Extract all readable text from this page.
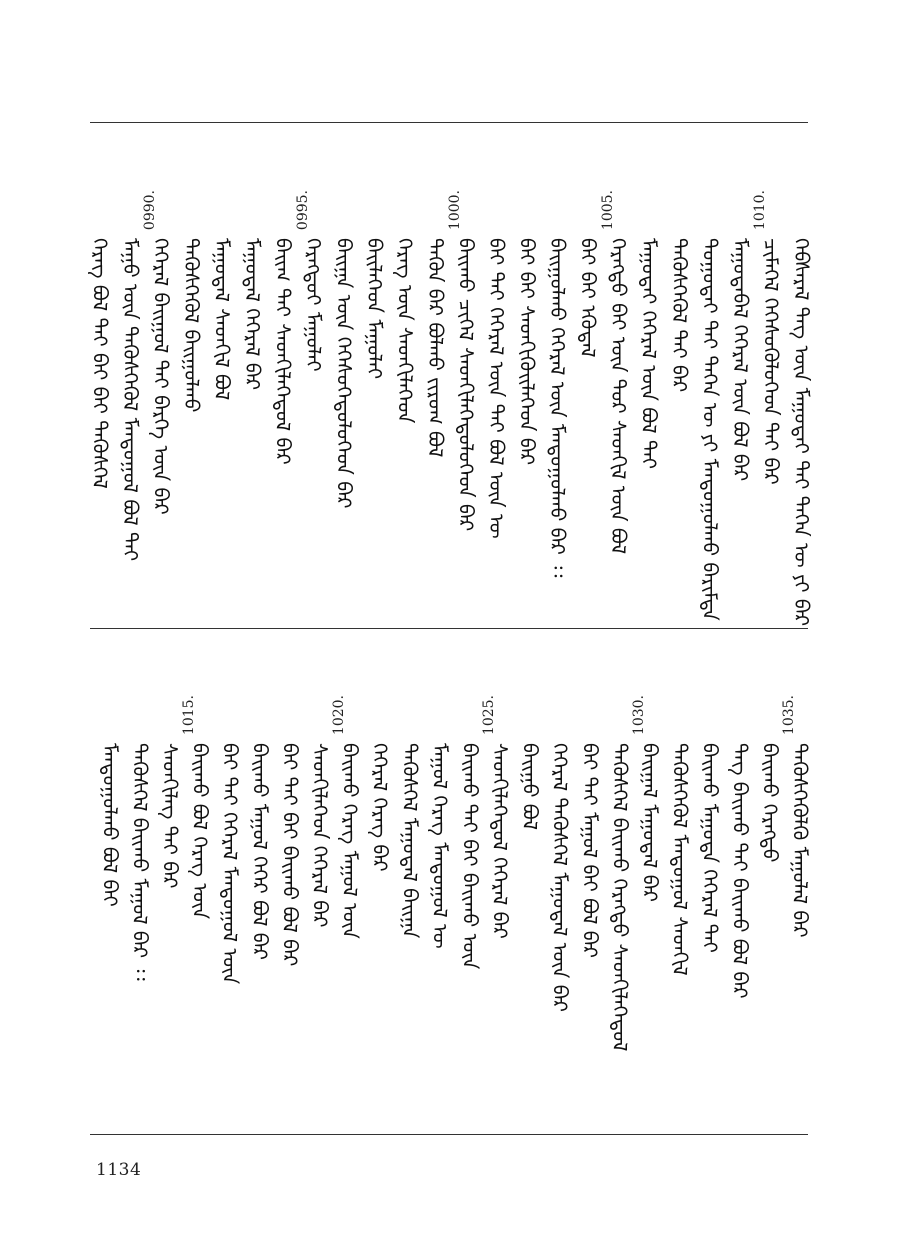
ᠬᠡᠪᠰᠡᠷᠡᠯ ᠲᠡᠭ ᠦᠨ ᠮᠠᠭᠤᠲᠠᠢ ᠲᠠᠢ ᠲᠡᠭᠡᠨ ᠦ ᠶᠢ ᠪᠡᠷ
1010.
ᠴᠢᠮᠡᠭᠡᠯ ᠬᠡᠭᠡᠰᠦᠭᠦᠯᠦᠭᠡᠳ ᠲᠠᠢ ᠪᠡᠷ
ᠮᠠᠭᠤᠳᠠᠪᠠᠯ ᠬᠡᠭᠡᠷᠡᠯ ᠦᠨ ᠪᠣᠯ ᠪᠡᠷ
ᠳᠣᠭᠤᠳᠠᠢ ᠲᠠᠢ ᠲᠡᠭᠡᠨ ᠦ ᠶᠢ ᠮᠠᠨᠳᠤᠭᠤᠯᠬᠤ ᠪᠠᠷᠢᠮᠲᠠ
ᠲᠡᠭᠦᠰᠬᠡᠭᠦᠯ ᠲᠠᠢ ᠪᠡᠷ
ᠮᠠᠭᠤᠲᠠᠢ ᠬᠡᠭᠡᠷᠡᠯ ᠦᠨ ᠪᠣᠯ ᠲᠠᠢ
1005.
ᠬᠡᠷᠡᠭᠲᠦ ᠪᠠᠢ ᠦᠨ ᠳᠤᠷ ᠰᠡᠳᠬᠢᠯ ᠦᠨ ᠪᠣᠯ
ᠪᠡᠢ ᠪᠠᠢ ᠡᠭᠦᠳᠡᠯ
ᠪᠠᠢᠭᠤᠯᠬᠤ ᠬᠡᠭᠡᠷᠡᠯ ᠦᠨ ᠮᠠᠨᠳᠤᠭᠤᠯᠬᠤ ᠪᠡᠷ ᠄᠄
ᠪᠡᠢ ᠪᠠᠢ ᠰᠡᠳᠬᠢᠬᠦᠢᠯᠡᠭᠡᠳ ᠪᠡᠷ
ᠪᠠᠢ ᠲᠠᠢ ᠬᠡᠭᠡᠷᠡᠯ ᠦᠨ ᠲᠠᠢ ᠪᠣᠯ ᠦᠨ ᠦ
1000.
ᠪᠠᠢᠬᠤ ᠴᠢᠬᠡᠯ ᠰᠡᠳᠬᠢᠯᠡᠭᠡᠳᠦᠯᠦᠭᠡᠳ ᠪᠡᠷ
ᠲᠡᠭᠦᠨ ᠪᠡᠷ ᠪᠣᠯᠬᠤ ᠵᠢᠷᠤᠭ ᠪᠣᠯ
ᠬᠡᠷᠡᠭ ᠦᠨ ᠰᠡᠳᠬᠢᠯᠡᠭᠡᠳ
ᠪᠡᠢᠯᠡᠭᠡᠳ ᠮᠠᠭᠤᠯᠠᠢ
ᠪᠠᠢᠭᠠ ᠦᠨ ᠬᠡᠭᠡᠰᠦᠭᠡᠳᠦᠯᠦᠭᠡᠳ ᠪᠡᠷ
0995.
ᠬᠡᠷᠡᠭᠲᠦᠢ ᠮᠠᠭᠤᠯᠠᠢ
ᠪᠠᠢᠭ ᠲᠠᠢ ᠰᠡᠳᠬᠢᠯᠡᠭᠡᠳᠦᠯ ᠪᠡᠷ
ᠮᠠᠭᠤᠳᠠᠯ ᠬᠡᠭᠡᠷᠡᠯ ᠪᠡᠷ
ᠮᠠᠭᠤᠳᠠᠯ ᠰᠡᠳᠬᠢᠯ ᠪᠣᠯ
ᠲᠡᠭᠦᠰᠬᠡᠭᠦᠯ ᠪᠠᠢᠭᠤᠯᠬᠤ
0990.
ᠬᠡᠭᠡᠷᠡᠯ ᠪᠠᠢᠭᠤᠯ ᠲᠠᠢ ᠪᠡᠷᠬᠡ ᠦᠨ ᠪᠡᠷ
ᠮᠠᠭᠤ ᠦᠨ ᠲᠡᠭᠦᠰᠬᠡᠭᠦᠯ ᠮᠠᠨᠳᠤᠭᠤᠯ ᠪᠣᠯ ᠲᠠᠢ
ᠬᠡᠷᠡᠭ ᠪᠣᠯ ᠲᠠᠢ ᠪᠡᠢ ᠪᠠᠢ ᠲᠡᠭᠦᠰᠬᠡᠯ
1035.
ᠲᠡᠭᠦᠰᠬᠡᠭᠦᠯᠬᠦ ᠮᠠᠭᠤᠯᠠᠯ ᠪᠡᠷ
ᠪᠠᠢᠬᠤ ᠬᠡᠷᠡᠭᠲᠦ
ᠲᠡᠭ ᠪᠠᠢᠬᠤ ᠲᠠᠢ ᠪᠠᠢᠬᠤ ᠪᠣᠯ ᠪᠡᠷ
ᠪᠠᠢᠬᠤ ᠮᠠᠭᠤᠳᠠ ᠬᠡᠭᠡᠷᠡᠯ ᠲᠠᠢ
ᠲᠡᠭᠦᠰᠬᠡᠭᠦᠯ ᠮᠠᠨᠳᠤᠭᠤᠯ ᠰᠡᠳᠬᠢᠯ
1030.
ᠪᠠᠢᠭᠠᠯ ᠮᠠᠭᠤᠳᠠᠯ ᠪᠡᠷ
ᠲᠡᠭᠦᠰᠬᠡᠯ ᠪᠠᠢᠬᠤ ᠬᠡᠷᠡᠭᠲᠦ ᠰᠡᠳᠬᠢᠯᠡᠭᠡᠳᠦᠯ
ᠪᠠᠢ ᠲᠠᠢ ᠮᠠᠭᠤᠯ ᠪᠠᠢ ᠪᠣᠯ ᠪᠡᠷ
ᠬᠡᠭᠡᠷᠡᠯ ᠲᠡᠭᠦᠰᠬᠡᠯ ᠮᠠᠭᠤᠳᠠᠯ ᠦᠨ ᠪᠡᠷ
ᠪᠠᠢᠭᠤ ᠪᠣᠯ
1025.
ᠰᠡᠳᠬᠢᠯᠡᠭᠡᠳᠦᠯ ᠬᠡᠭᠡᠷᠡᠯ ᠪᠡᠷ
ᠪᠠᠢᠬᠤ ᠲᠠᠢ ᠪᠠᠢ ᠪᠠᠢᠬᠤ ᠦᠨ
ᠮᠠᠭᠤᠯ ᠬᠡᠷᠡᠭ ᠮᠠᠨᠳᠤᠭᠤᠯ ᠦ
ᠲᠡᠭᠦᠰᠬᠡᠯ ᠮᠠᠭᠤᠳᠠᠯ ᠪᠠᠢᠭᠠ
ᠬᠡᠭᠡᠷᠡᠯ ᠬᠡᠷᠡᠭ ᠪᠡᠷ
1020.
ᠪᠠᠢᠬᠤ ᠬᠡᠷᠡᠭ ᠮᠠᠭᠤᠯ ᠦᠨ
ᠰᠡᠳᠬᠢᠯᠡᠭᠡᠳ ᠬᠡᠭᠡᠷᠡᠯ ᠪᠡᠷ
ᠪᠠᠢ ᠲᠠᠢ ᠪᠠᠢ ᠪᠠᠢᠬᠤ ᠪᠣᠯ ᠪᠡᠷ
ᠪᠠᠢᠬᠤ ᠮᠠᠭᠤᠯ ᠬᠡᠭᠡᠷ ᠪᠣᠯ ᠪᠡᠷ
ᠪᠠᠢ ᠲᠠᠢ ᠬᠡᠭᠡᠷᠡᠯ ᠮᠠᠨᠳᠤᠭᠤᠯ ᠦᠨ
1015.
ᠪᠠᠢᠬᠤ ᠪᠣᠯ ᠬᠡᠷᠡᠭ ᠦᠨ
ᠰᠡᠳᠬᠢᠯᠡᠭ ᠲᠠᠢ ᠪᠡᠷ
ᠲᠡᠭᠦᠰᠬᠡᠯ ᠪᠠᠢᠬᠤ ᠮᠠᠭᠤᠯ ᠪᠡᠷ ᠄᠄
ᠮᠠᠨᠳᠤᠭᠤᠯᠬᠤ ᠪᠣᠯ ᠪᠠᠢ
1134
